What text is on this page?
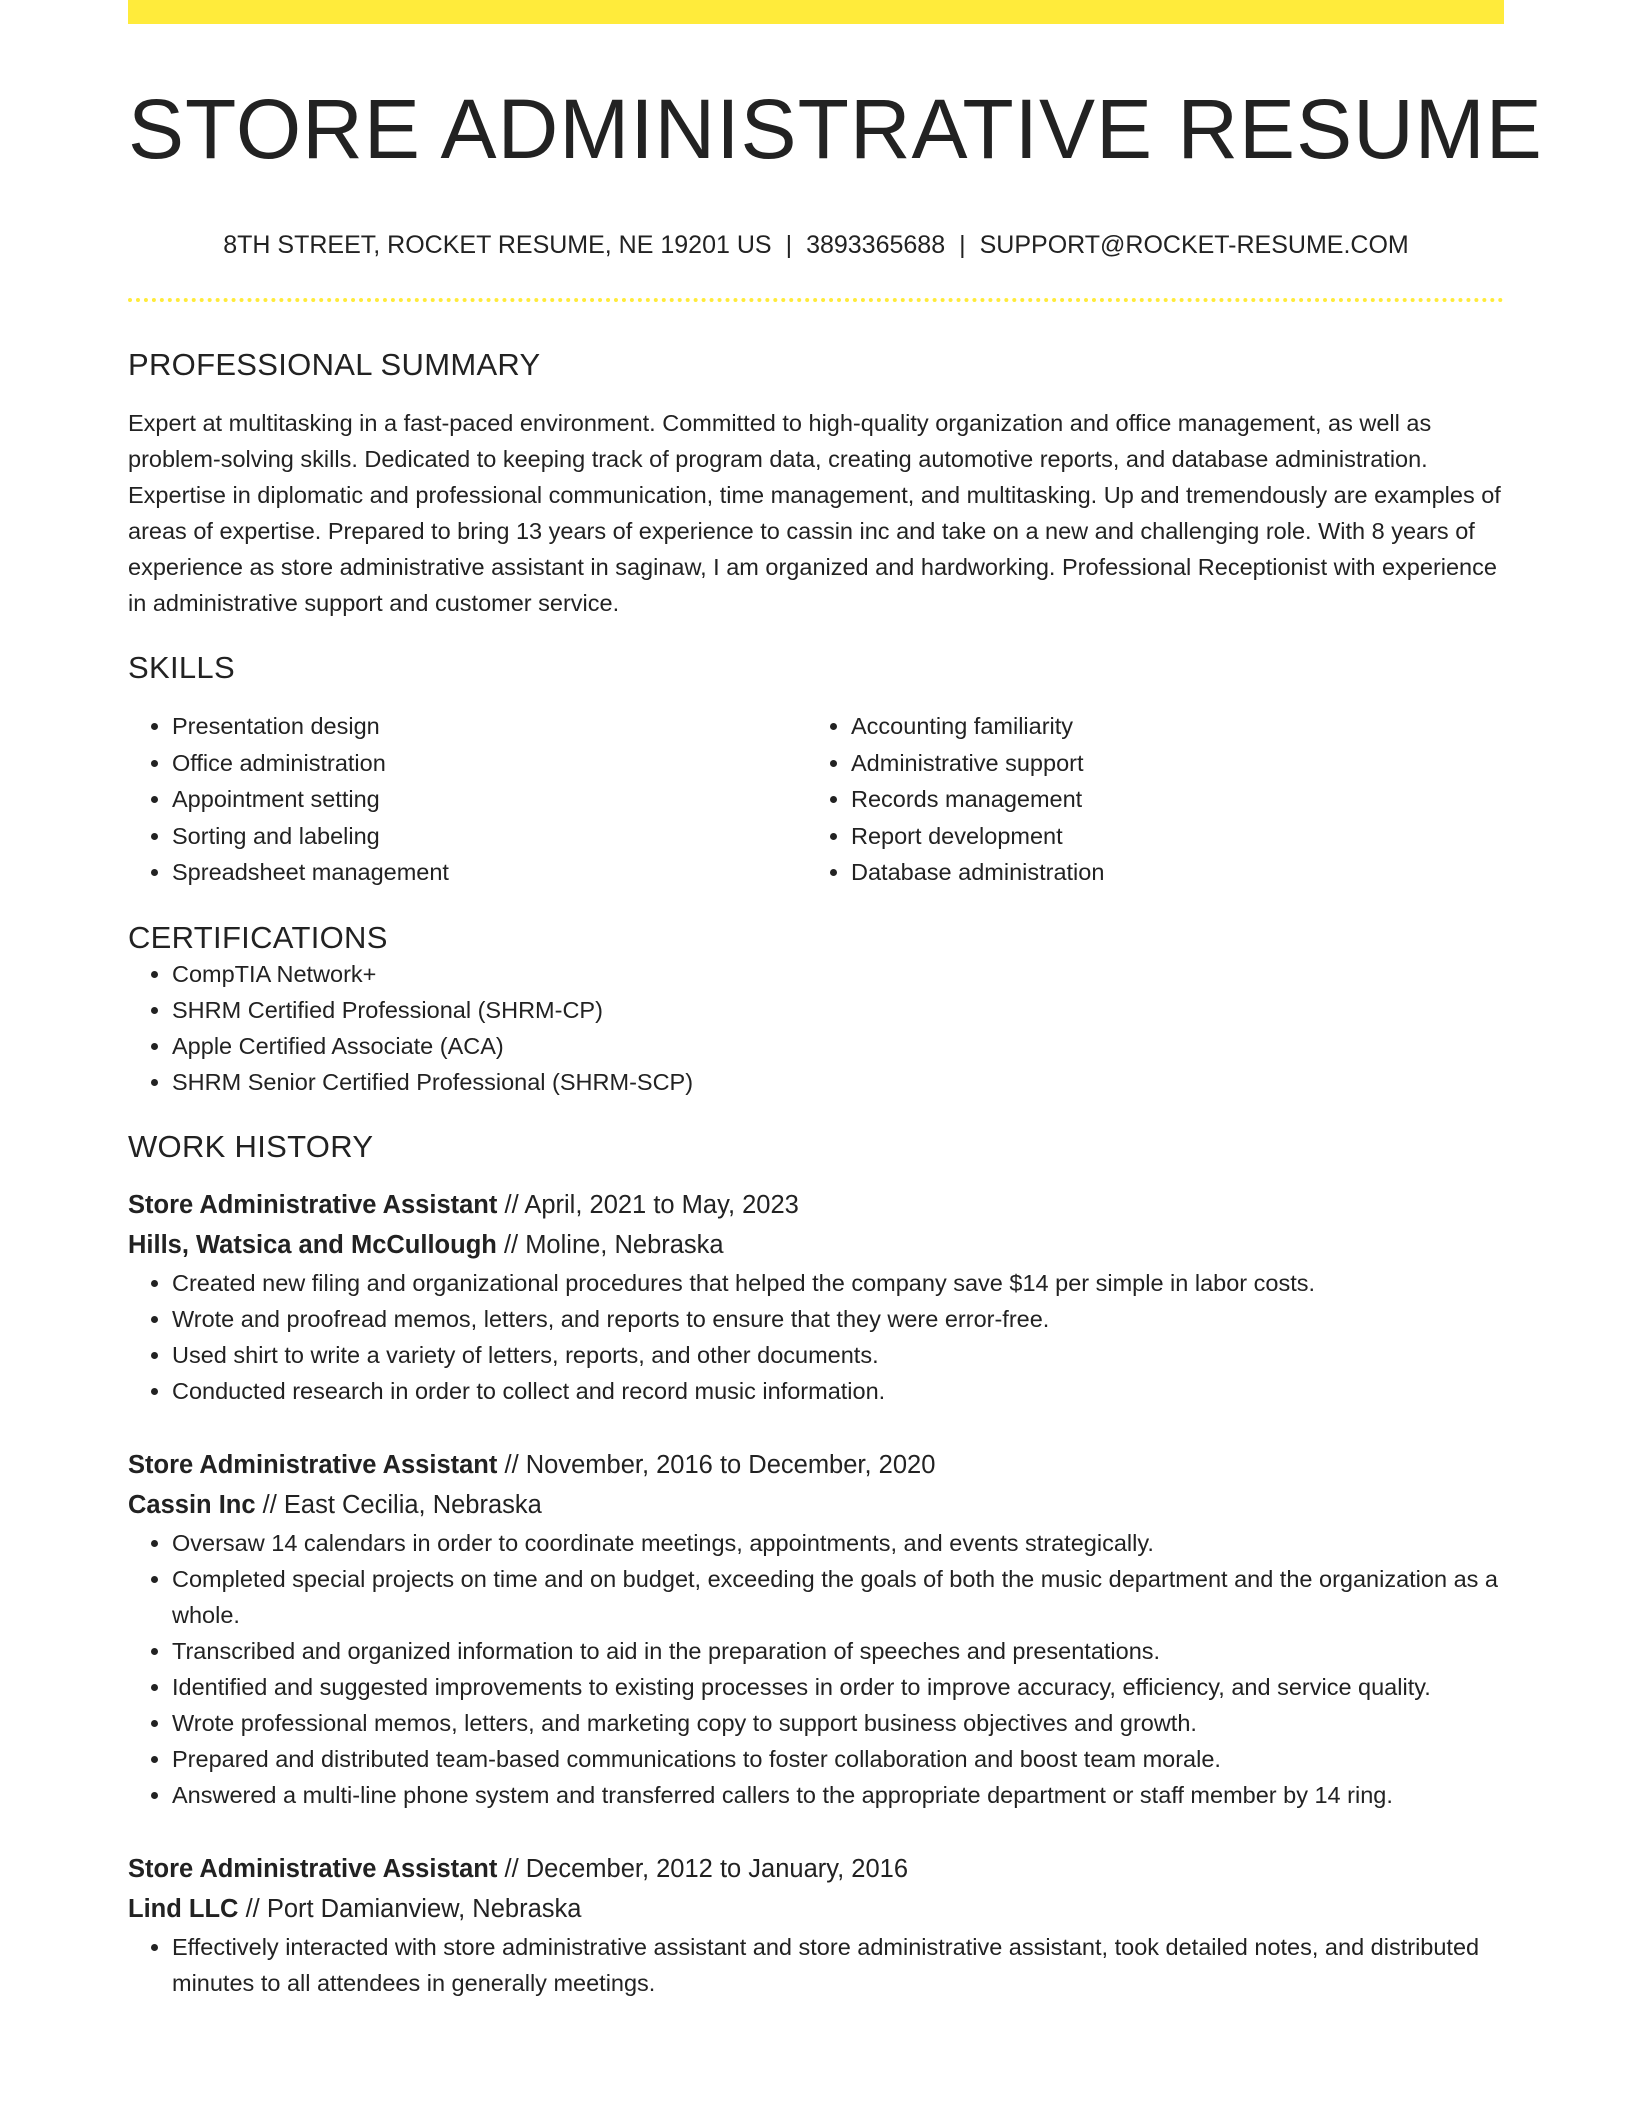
STORE ADMINISTRATIVE RESUME
8TH STREET, ROCKET RESUME, NE 19201 US | 3893365688 | SUPPORT@ROCKET-RESUME.COM
PROFESSIONAL SUMMARY

Expert at multitasking in a fast-paced environment. Committed to high-quality organization and office management, as well as problem-solving skills. Dedicated to keeping track of program data, creating automotive reports, and database administration. Expertise in diplomatic and professional communication, time management, and multitasking. Up and tremendously are examples of areas of expertise. Prepared to bring 13 years of experience to cassin inc and take on a new and challenging role. With 8 years of experience as store administrative assistant in saginaw, I am organized and hardworking. Professional Receptionist with experience in administrative support and customer service.

SKILLS
• Presentation design
• Office administration
• Appointment setting
• Sorting and labeling
• Spreadsheet management
• Accounting familiarity
• Administrative support
• Records management
• Report development
• Database administration
CERTIFICATIONS
• CompTIA Network+
• SHRM Certified Professional (SHRM-CP)
• Apple Certified Associate (ACA)
• SHRM Senior Certified Professional (SHRM-SCP)
WORK HISTORY
Store Administrative Assistant // April, 2021 to May, 2023
Hills, Watsica and McCullough // Moline, Nebraska
• Created new filing and organizational procedures that helped the company save $14 per simple in labor costs.
• Wrote and proofread memos, letters, and reports to ensure that they were error-free.
• Used shirt to write a variety of letters, reports, and other documents.
• Conducted research in order to collect and record music information.
Store Administrative Assistant // November, 2016 to December, 2020
Cassin Inc // East Cecilia, Nebraska
• Oversaw 14 calendars in order to coordinate meetings, appointments, and events strategically.
• Completed special projects on time and on budget, exceeding the goals of both the music department and the organization as a whole.
• Transcribed and organized information to aid in the preparation of speeches and presentations.
• Identified and suggested improvements to existing processes in order to improve accuracy, efficiency, and service quality.
• Wrote professional memos, letters, and marketing copy to support business objectives and growth.
• Prepared and distributed team-based communications to foster collaboration and boost team morale.
• Answered a multi-line phone system and transferred callers to the appropriate department or staff member by 14 ring.
Store Administrative Assistant // December, 2012 to January, 2016
Lind LLC // Port Damianview, Nebraska
• Effectively interacted with store administrative assistant and store administrative assistant, took detailed notes, and distributed minutes to all attendees in generally meetings.
